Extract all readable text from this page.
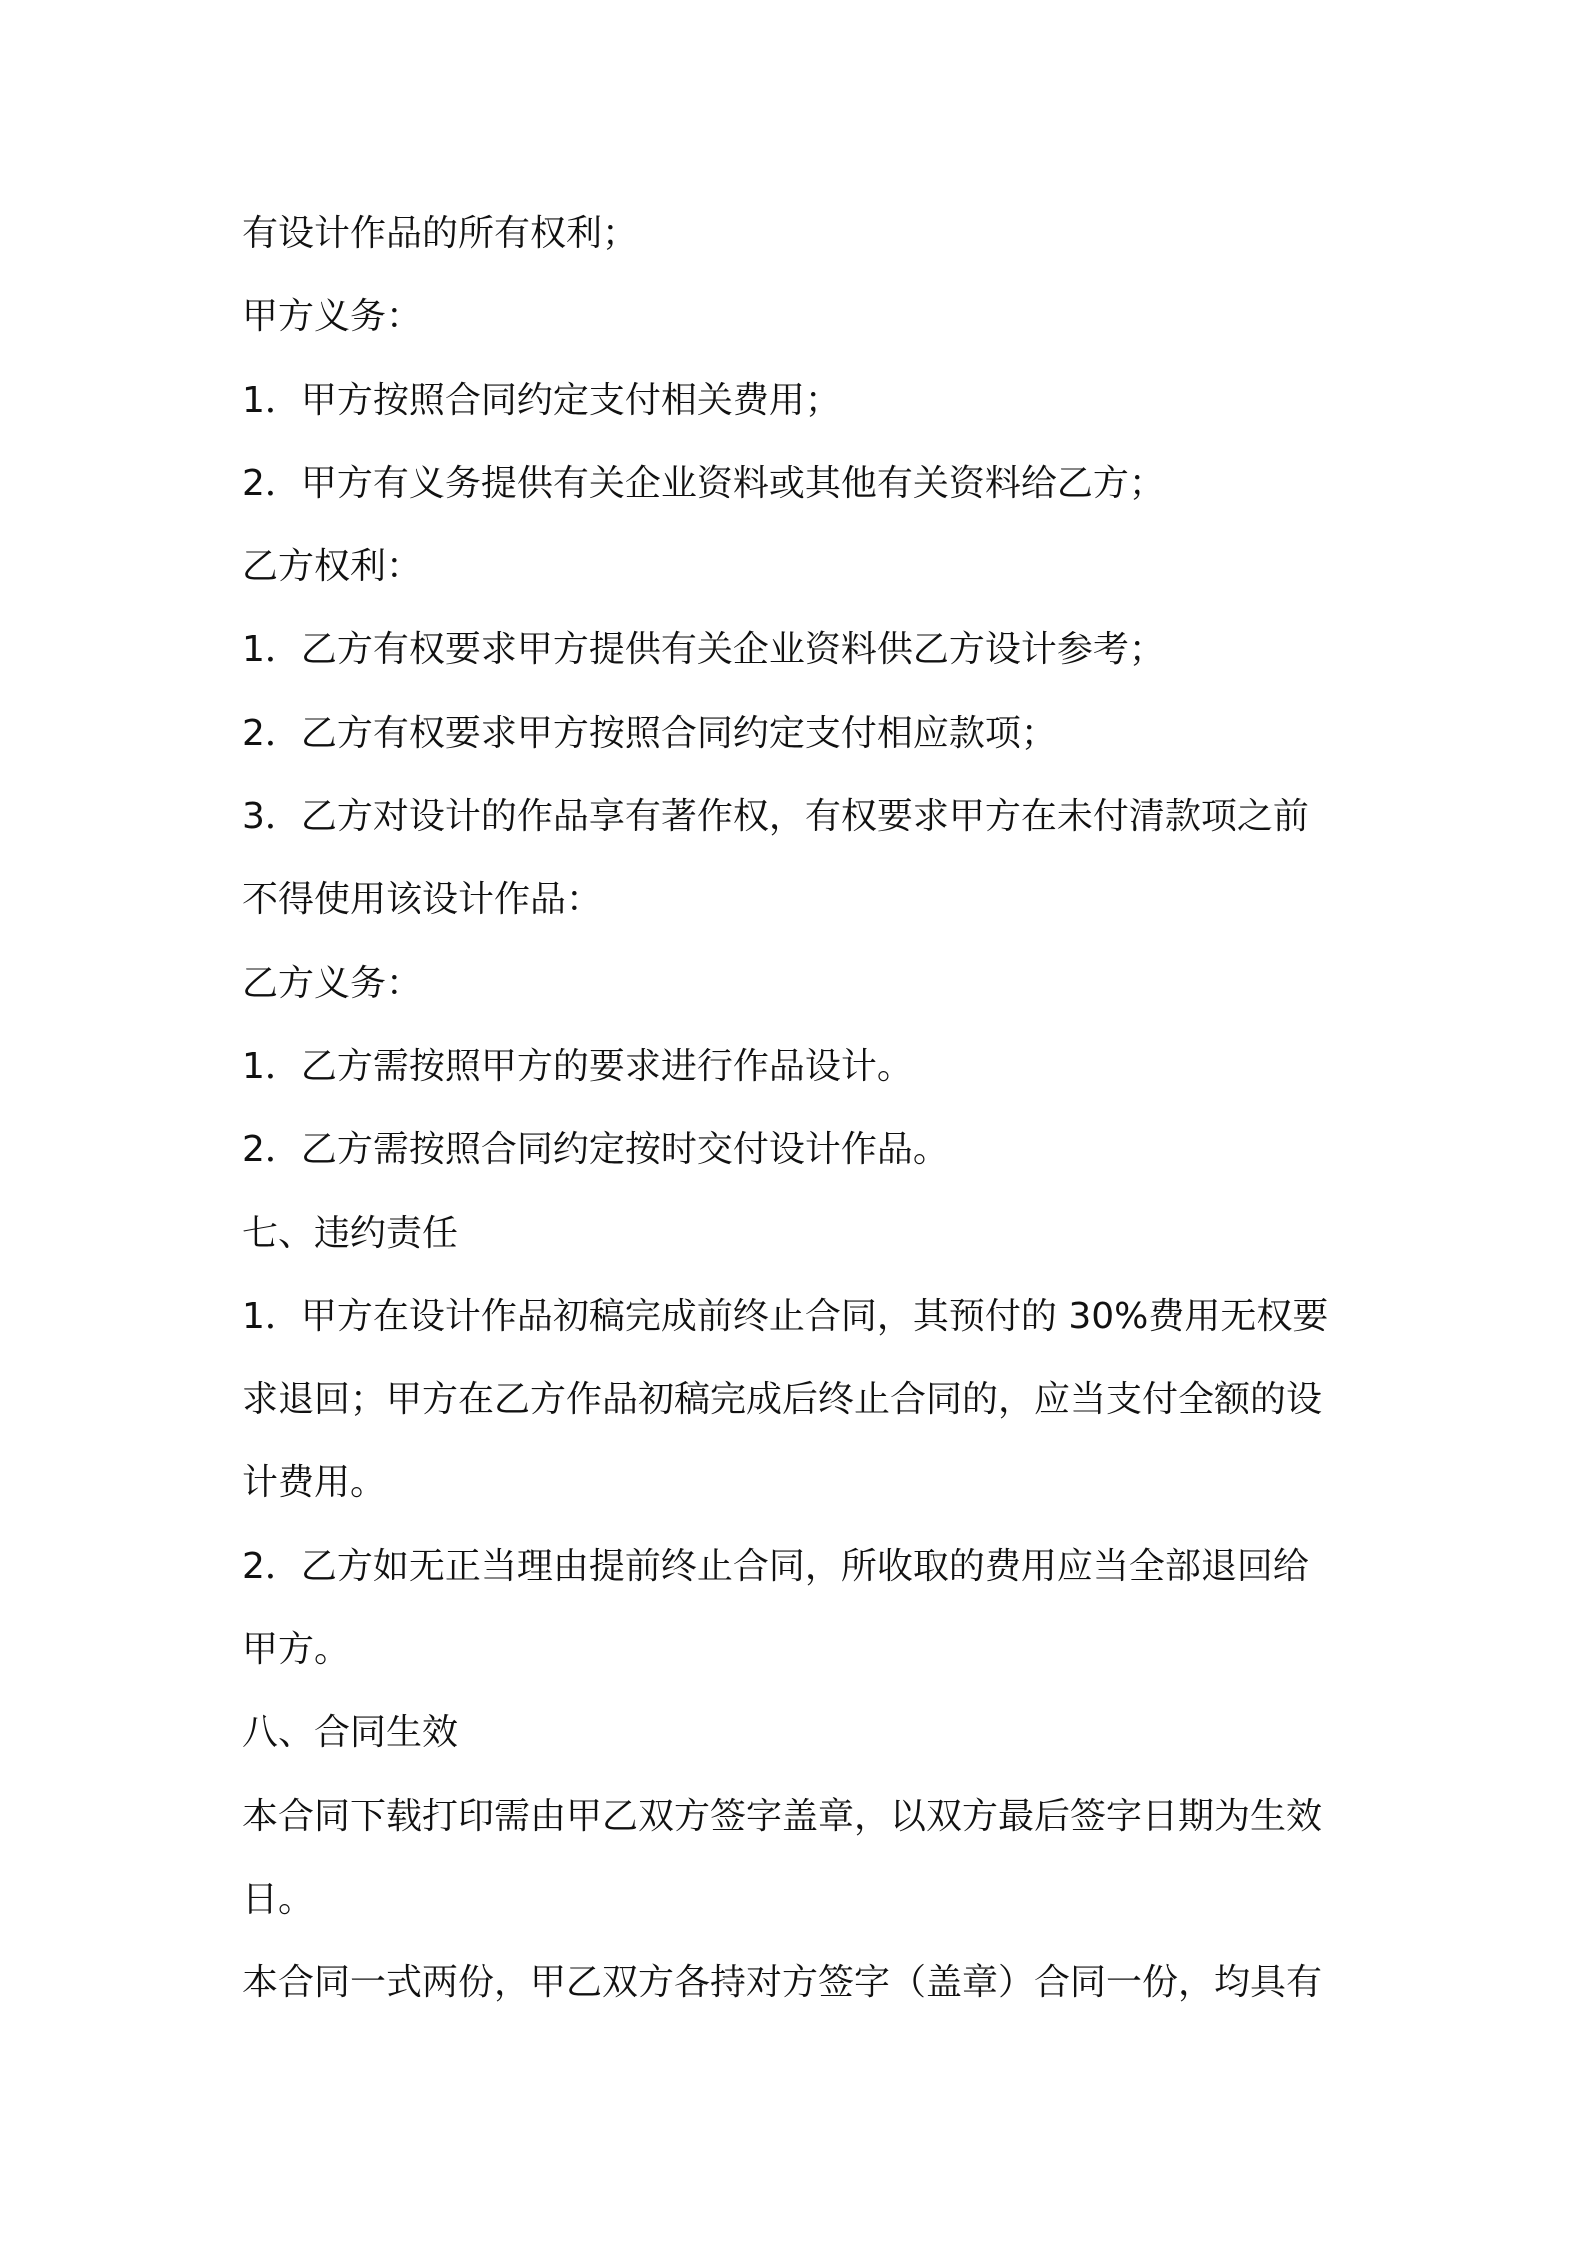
有设计作品的所有权利；
甲方义务：
1．甲方按照合同约定支付相关费用；
2．甲方有义务提供有关企业资料或其他有关资料给乙方；
乙方权利：
1．乙方有权要求甲方提供有关企业资料供乙方设计参考；
2．乙方有权要求甲方按照合同约定支付相应款项；
3．乙方对设计的作品享有著作权，有权要求甲方在未付清款项之前
不得使用该设计作品：
乙方义务：
1．乙方需按照甲方的要求进行作品设计。
2．乙方需按照合同约定按时交付设计作品。
七、违约责任
1．甲方在设计作品初稿完成前终止合同，其预付的 30%费用无权要
求退回；甲方在乙方作品初稿完成后终止合同的，应当支付全额的设
计费用。
2．乙方如无正当理由提前终止合同，所收取的费用应当全部退回给
甲方。
八、合同生效
本合同下载打印需由甲乙双方签字盖章，以双方最后签字日期为生效
日。
本合同一式两份，甲乙双方各持对方签字（盖章）合同一份，均具有
